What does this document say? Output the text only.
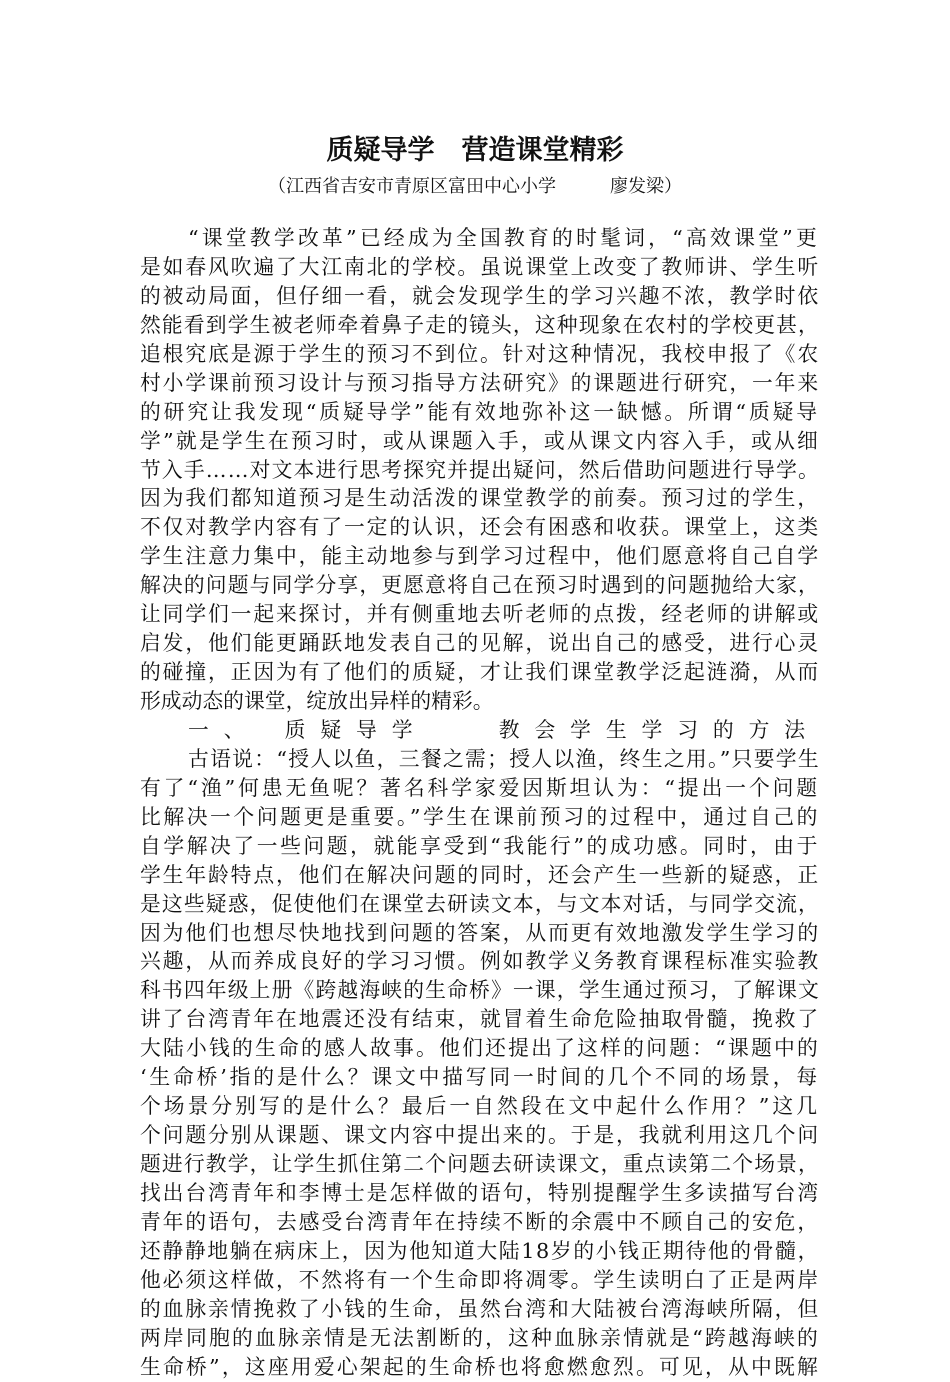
质疑导学　营造课堂精彩
（江西省吉安市青原区富田中心小学　　　廖发梁）
“课堂教学改革”已经成为全国教育的时髦词，“高效课堂”更
是如春风吹遍了大江南北的学校。虽说课堂上改变了教师讲、学生听
的被动局面，但仔细一看，就会发现学生的学习兴趣不浓，教学时依
然能看到学生被老师牵着鼻子走的镜头，这种现象在农村的学校更甚，
追根究底是源于学生的预习不到位。针对这种情况，我校申报了《农
村小学课前预习设计与预习指导方法研究》的课题进行研究，一年来
的研究让我发现“质疑导学”能有效地弥补这一缺憾。所谓“质疑导
学”就是学生在预习时，或从课题入手，或从课文内容入手，或从细
节入手……对文本进行思考探究并提出疑问，然后借助问题进行导学。
因为我们都知道预习是生动活泼的课堂教学的前奏。预习过的学生，
不仅对教学内容有了一定的认识，还会有困惑和收获。课堂上，这类
学生注意力集中，能主动地参与到学习过程中，他们愿意将自己自学
解决的问题与同学分享，更愿意将自己在预习时遇到的问题抛给大家，
让同学们一起来探讨，并有侧重地去听老师的点拨，经老师的讲解或
启发，他们能更踊跃地发表自己的见解，说出自己的感受，进行心灵
的碰撞，正因为有了他们的质疑，才让我们课堂教学泛起涟漪，从而
形成动态的课堂，绽放出异样的精彩。
一、　质疑导学　　教会学生学习的方法
古语说：“授人以鱼，三餐之需；授人以渔，终生之用。”只要学生
有了“渔”何患无鱼呢？著名科学家爱因斯坦认为：“提出一个问题
比解决一个问题更是重要。”学生在课前预习的过程中，通过自己的
自学解决了一些问题，就能享受到“我能行”的成功感。同时，由于
学生年龄特点，他们在解决问题的同时，还会产生一些新的疑惑，正
是这些疑惑，促使他们在课堂去研读文本，与文本对话，与同学交流，
因为他们也想尽快地找到问题的答案，从而更有效地激发学生学习的
兴趣，从而养成良好的学习习惯。例如教学义务教育课程标准实验教
科书四年级上册《跨越海峡的生命桥》一课，学生通过预习，了解课文
讲了台湾青年在地震还没有结束，就冒着生命危险抽取骨髓，挽救了
大陆小钱的生命的感人故事。他们还提出了这样的问题：“课题中的
‘生命桥’指的是什么？课文中描写同一时间的几个不同的场景，每
个场景分别写的是什么？最后一自然段在文中起什么作用？”这几
个问题分别从课题、课文内容中提出来的。于是，我就利用这几个问
题进行教学，让学生抓住第二个问题去研读课文，重点读第二个场景，
找出台湾青年和李博士是怎样做的语句，特别提醒学生多读描写台湾
青年的语句，去感受台湾青年在持续不断的余震中不顾自己的安危，
还静静地躺在病床上，因为他知道大陆18岁的小钱正期待他的骨髓，
他必须这样做，不然将有一个生命即将凋零。学生读明白了正是两岸
的血脉亲情挽救了小钱的生命，虽然台湾和大陆被台湾海峡所隔，但
两岸同胞的血脉亲情是无法割断的，这种血脉亲情就是“跨越海峡的
生命桥”，这座用爱心架起的生命桥也将愈燃愈烈。可见，从中既解
